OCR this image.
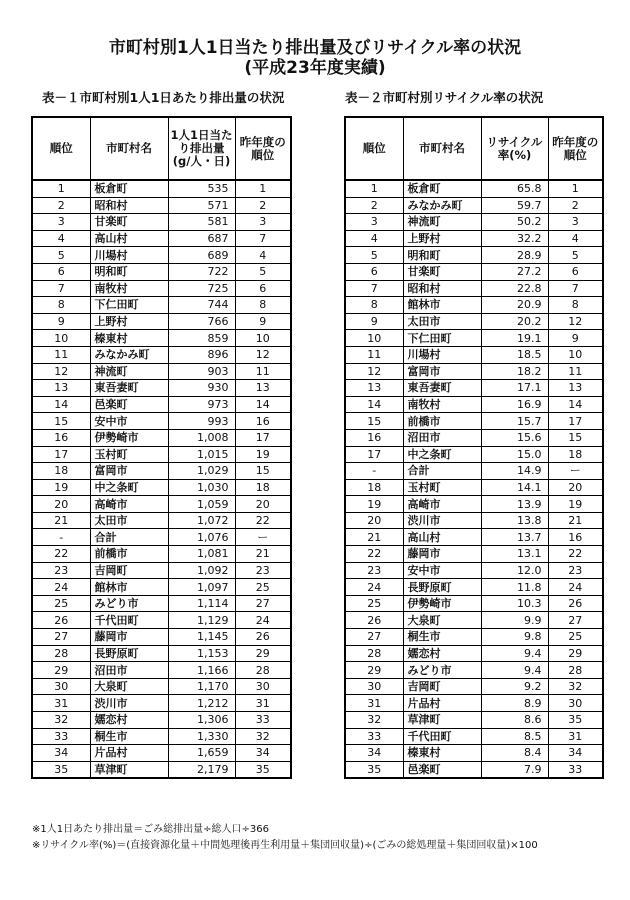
市町村別1人1日当たり排出量及びリサイクル率の状況
(平成23年度実績)
表－１市町村別1人1日あたり排出量の状況	表－２市町村別リサイクル率の状況
順位	市町村名	1人1日当たり排出量(g/人・日)	昨年度の順位
1	板倉町	535	1
2	昭和村	571	2
3	甘楽町	581	3
4	高山村	687	7
5	川場村	689	4
6	明和町	722	5
7	南牧村	725	6
8	下仁田町	744	8
9	上野村	766	9
10	榛東村	859	10
11	みなかみ町	896	12
12	神流町	903	11
13	東吾妻町	930	13
14	邑楽町	973	14
15	安中市	993	16
16	伊勢崎市	1,008	17
17	玉村町	1,015	19
18	富岡市	1,029	15
19	中之条町	1,030	18
20	高崎市	1,059	20
21	太田市	1,072	22
-	合計	1,076	ー
22	前橋市	1,081	21
23	吉岡町	1,092	23
24	館林市	1,097	25
25	みどり市	1,114	27
26	千代田町	1,129	24
27	藤岡市	1,145	26
28	長野原町	1,153	29
29	沼田市	1,166	28
30	大泉町	1,170	30
31	渋川市	1,212	31
32	嬬恋村	1,306	33
33	桐生市	1,330	32
34	片品村	1,659	34
35	草津町	2,179	35
順位	市町村名	リサイクル率(%)	昨年度の順位
1	板倉町	65.8	1
2	みなかみ町	59.7	2
3	神流町	50.2	3
4	上野村	32.2	4
5	明和町	28.9	5
6	甘楽町	27.2	6
7	昭和村	22.8	7
8	館林市	20.9	8
9	太田市	20.2	12
10	下仁田町	19.1	9
11	川場村	18.5	10
12	富岡市	18.2	11
13	東吾妻町	17.1	13
14	南牧村	16.9	14
15	前橋市	15.7	17
16	沼田市	15.6	15
17	中之条町	15.0	18
-	合計	14.9	ー
18	玉村町	14.1	20
19	高崎市	13.9	19
20	渋川市	13.8	21
21	高山村	13.7	16
22	藤岡市	13.1	22
23	安中市	12.0	23
24	長野原町	11.8	24
25	伊勢崎市	10.3	26
26	大泉町	9.9	27
27	桐生市	9.8	25
28	嬬恋村	9.4	29
29	みどり市	9.4	28
30	吉岡町	9.2	32
31	片品村	8.9	30
32	草津町	8.6	35
33	千代田町	8.5	31
34	榛東村	8.4	34
35	邑楽町	7.9	33
※1人1日あたり排出量＝ごみ総排出量÷総人口÷366
※リサイクル率(%)＝(直接資源化量＋中間処理後再生利用量＋集団回収量)÷(ごみの総処理量＋集団回収量)×100
